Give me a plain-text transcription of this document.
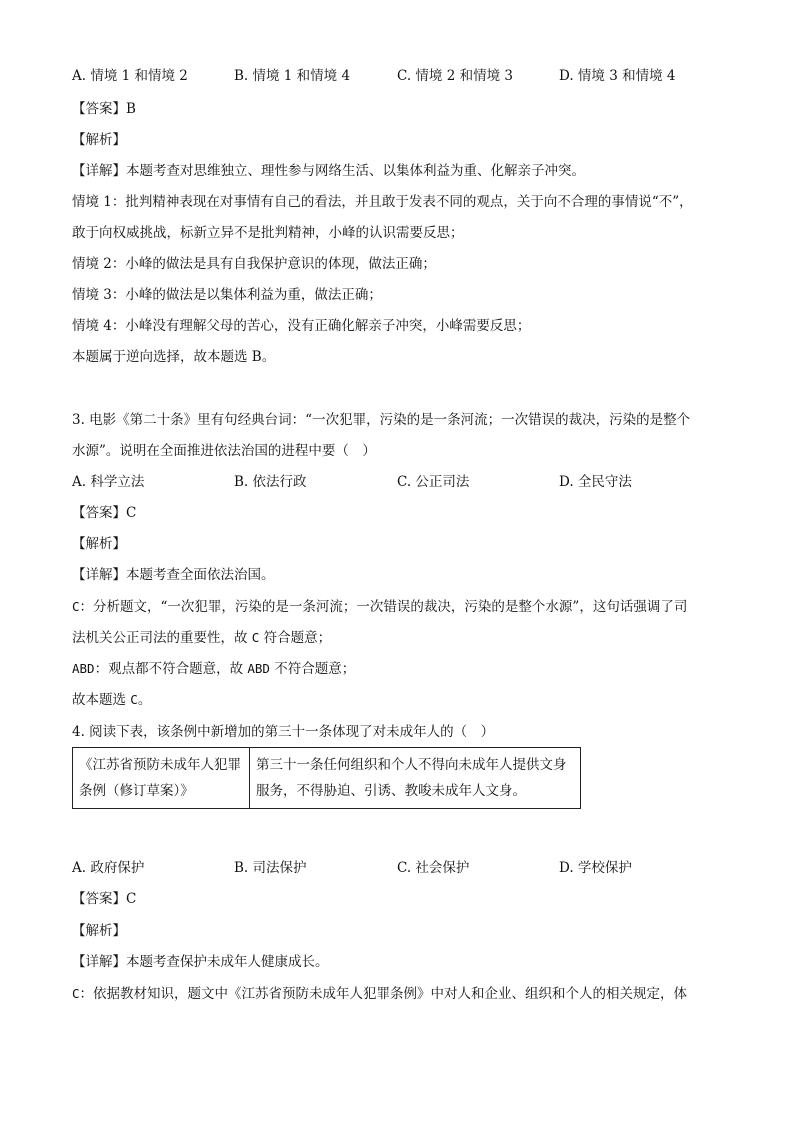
A. 情境 1 和情境 2	B. 情境 1 和情境 4	C. 情境 2 和情境 3	D. 情境 3 和情境 4
【答案】B
【解析】
【详解】本题考查对思维独立、理性参与网络生活、以集体利益为重、化解亲子冲突。
情境 1：批判精神表现在对事情有自己的看法，并且敢于发表不同的观点，关于向不合理的事情说“不”，
敢于向权威挑战，标新立异不是批判精神，小峰的认识需要反思；
情境 2：小峰的做法是具有自我保护意识的体现，做法正确；
情境 3：小峰的做法是以集体利益为重，做法正确；
情境 4：小峰没有理解父母的苦心，没有正确化解亲子冲突，小峰需要反思；
本题属于逆向选择，故本题选 B。
3. 电影《第二十条》里有句经典台词：“一次犯罪，污染的是一条河流；一次错误的裁决，污染的是整个
水源”。说明在全面推进依法治国的进程中要（　）
A. 科学立法	B. 依法行政	C. 公正司法	D. 全民守法
【答案】C
【解析】
【详解】本题考查全面依法治国。
C：分析题文，“一次犯罪，污染的是一条河流；一次错误的裁决，污染的是整个水源”，这句话强调了司
法机关公正司法的重要性，故 C 符合题意；
ABD：观点都不符合题意，故 ABD 不符合题意；
故本题选 C。
4. 阅读下表，该条例中新增加的第三十一条体现了对未成年人的（　）
《江苏省预防未成年人犯罪条例（修订草案）》	第三十一条任何组织和个人不得向未成年人提供文身服务，不得胁迫、引诱、教唆未成年人文身。
A. 政府保护	B. 司法保护	C. 社会保护	D. 学校保护
【答案】C
【解析】
【详解】本题考查保护未成年人健康成长。
C：依据教材知识，题文中《江苏省预防未成年人犯罪条例》中对人和企业、组织和个人的相关规定，体
